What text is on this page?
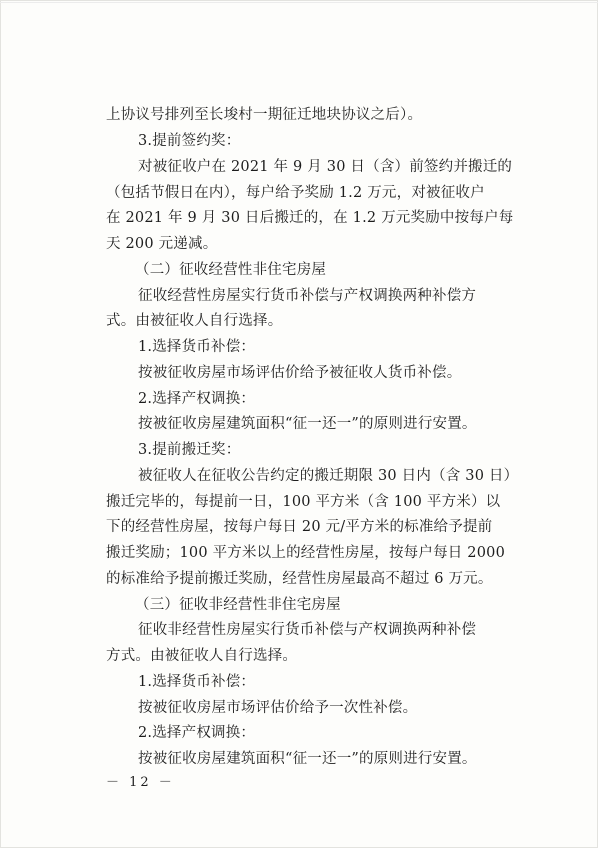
上协议号排列至长埈村一期征迁地块协议之后）。
3.提前签约奖：
对被征收户在 2021 年 9 月 30 日（含）前签约并搬迁的
（包括节假日在内），每户给予奖励 1.2 万元，对被征收户
在 2021 年 9 月 30 日后搬迁的，在 1.2 万元奖励中按每户每
天 200 元递减。
（二）征收经营性非住宅房屋
征收经营性房屋实行货币补偿与产权调换两种补偿方
式。由被征收人自行选择。
1.选择货币补偿：
按被征收房屋市场评估价给予被征收人货币补偿。
2.选择产权调换：
按被征收房屋建筑面积“征一还一”的原则进行安置。
3.提前搬迁奖：
被征收人在征收公告约定的搬迁期限 30 日内（含 30 日）
搬迁完毕的，每提前一日，100 平方米（含 100 平方米）以
下的经营性房屋，按每户每日 20 元/平方米的标准给予提前
搬迁奖励；100 平方米以上的经营性房屋，按每户每日 2000
的标准给予提前搬迁奖励，经营性房屋最高不超过 6 万元。
（三）征收非经营性非住宅房屋
征收非经营性房屋实行货币补偿与产权调换两种补偿
方式。由被征收人自行选择。
1.选择货币补偿：
按被征收房屋市场评估价给予一次性补偿。
2.选择产权调换：
按被征收房屋建筑面积“征一还一”的原则进行安置。
－ 12 －
